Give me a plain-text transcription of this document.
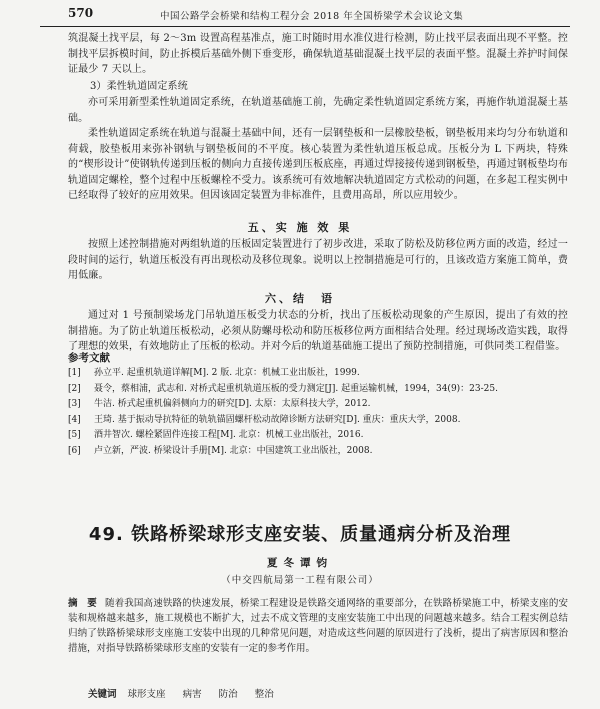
570	中国公路学会桥梁和结构工程分会 2018 年全国桥梁学术会议论文集

筑混凝土找平层，每 2～3m 设置高程基准点，施工时随时用水准仪进行检测，防止找平层表面出现不平整。控制找平层拆模时间，防止拆模后基础外侧下垂变形，确保轨道基础混凝土找平层的表面平整。混凝土养护时间保证最少 7 天以上。

3）柔性轨道固定系统

亦可采用新型柔性轨道固定系统，在轨道基础施工前，先确定柔性轨道固定系统方案，再施作轨道混凝土基础。

柔性轨道固定系统在轨道与混凝土基础中间，还有一层钢垫板和一层橡胶垫板，钢垫板用来均匀分布轨道和荷载，胶垫板用来弥补钢轨与钢垫板间的不平度。核心装置为柔性轨道压板总成。压板分为 L 下两块，特殊的“楔形设计”使钢轨传递到压板的侧向力直接传递到压板底座，再通过焊接接传递到钢板垫，再通过钢板垫均布轨道固定螺栓，整个过程中压板螺栓不受力。该系统可有效地解决轨道固定方式松动的问题，在多起工程实例中已经取得了较好的应用效果。但因该固定装置为非标准件，且费用高昂，所以应用较少。

五、实 施 效 果

按照上述控制措施对两组轨道的压板固定装置进行了初步改进，采取了防松及防移位两方面的改造，经过一段时间的运行，轨道压板没有再出现松动及移位现象。说明以上控制措施是可行的，且该改造方案施工简单，费用低廉。

六、结　语

通过对 1 号预制梁场龙门吊轨道压板受力状态的分析，找出了压板松动现象的产生原因，提出了有效的控制措施。为了防止轨道压板松动，必须从防螺母松动和防压板移位两方面相结合处理。经过现场改造实践，取得了理想的效果，有效地防止了压板的松动。并对今后的轨道基础施工提出了预防控制措施，可供同类工程借鉴。

参考文献

[1] 孙立平. 起重机轨道详解[M]. 2 版. 北京：机械工业出版社，1999.
[2] 聂令，蔡相浦，武志和. 对桥式起重机轨道压板的受力测定[J]. 起重运输机械，1994，34(9)：23-25.
[3] 牛洁. 桥式起重机偏斜侧向力的研究[D]. 太原：太原科技大学，2012.
[4] 王琦. 基于振动导抗特征的轨轨锚固螺杆松动故障诊断方法研究[D]. 重庆：重庆大学，2008.
[5] 酒井智次. 螺栓紧固件连接工程[M]. 北京：机械工业出版社，2016.
[6] 卢立新，严波. 桥梁设计手册[M]. 北京：中国建筑工业出版社，2008.
49. 铁路桥梁球形支座安装、质量通病分析及治理

夏冬谭钧

（中交四航局第一工程有限公司）

摘　要 随着我国高速铁路的快速发展，桥梁工程建设是铁路交通网络的重要部分，在铁路桥梁施工中，桥梁支座的安装和规格越来越多，施工规模也不断扩大，过去不成文管理的支座安装施工中出现的问题越来越多。结合工程实例总结归纳了铁路桥梁球形支座施工安装中出现的几种常见问题，对造成这些问题的原因进行了浅析，提出了病害原因和整治措施，对指导铁路桥梁球形支座的安装有一定的参考作用。

关键词 球形支座 病害 防治 整治
